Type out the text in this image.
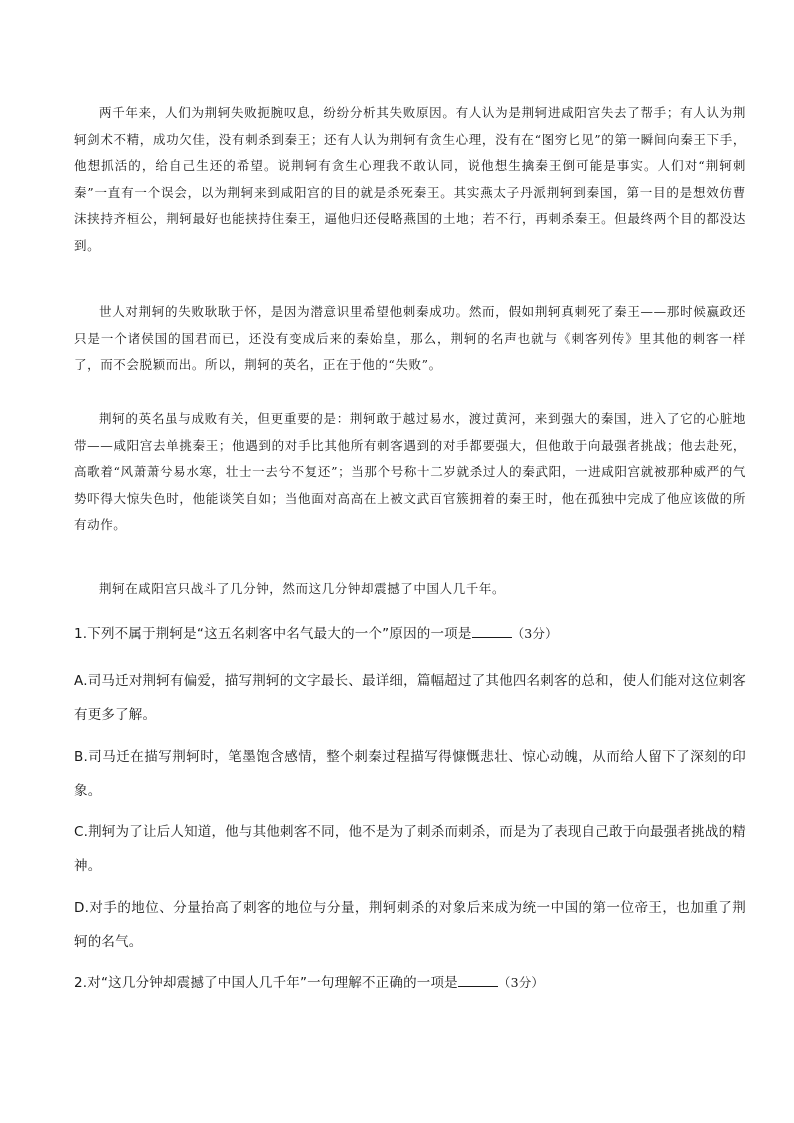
两千年来，人们为荆轲失败扼腕叹息，纷纷分析其失败原因。有人认为是荆轲进咸阳宫失去了帮手；有人认为荆轲剑术不精，成功欠佳，没有刺杀到秦王；还有人认为荆轲有贪生心理，没有在“图穷匕见”的第一瞬间向秦王下手，他想抓活的，给自己生还的希望。说荆轲有贪生心理我不敢认同，说他想生擒秦王倒可能是事实。人们对“荆轲刺秦”一直有一个误会，以为荆轲来到咸阳宫的目的就是杀死秦王。其实燕太子丹派荆轲到秦国，第一目的是想效仿曹沫挟持齐桓公，荆轲最好也能挟持住秦王，逼他归还侵略燕国的土地；若不行，再刺杀秦王。但最终两个目的都没达到。

世人对荆轲的失败耿耿于怀，是因为潜意识里希望他刺秦成功。然而，假如荆轲真刺死了秦王——那时候嬴政还只是一个诸侯国的国君而已，还没有变成后来的秦始皇，那么，荆轲的名声也就与《刺客列传》里其他的刺客一样了，而不会脱颖而出。所以，荆轲的英名，正在于他的“失败”。

荆轲的英名虽与成败有关，但更重要的是：荆轲敢于越过易水，渡过黄河，来到强大的秦国，进入了它的心脏地带——咸阳宫去单挑秦王；他遇到的对手比其他所有刺客遇到的对手都要强大，但他敢于向最强者挑战；他去赴死，高歌着“风萧萧兮易水寒，壮士一去兮不复还”；当那个号称十二岁就杀过人的秦武阳，一进咸阳宫就被那种威严的气势吓得大惊失色时，他能谈笑自如；当他面对高高在上被文武百官簇拥着的秦王时，他在孤独中完成了他应该做的所有动作。

荆轲在咸阳宫只战斗了几分钟，然而这几分钟却震撼了中国人几千年。

1.下列不属于荆轲是“这五名刺客中名气最大的一个”原因的一项是	（3分）

A.司马迁对荆轲有偏爱，描写荆轲的文字最长、最详细，篇幅超过了其他四名刺客的总和，使人们能对这位刺客有更多了解。

B.司马迁在描写荆轲时，笔墨饱含感情，整个刺秦过程描写得慷慨悲壮、惊心动魄，从而给人留下了深刻的印象。

C.荆轲为了让后人知道，他与其他刺客不同，他不是为了刺杀而刺杀，而是为了表现自己敢于向最强者挑战的精神。

D.对手的地位、分量抬高了刺客的地位与分量，荆轲刺杀的对象后来成为统一中国的第一位帝王，也加重了荆轲的名气。

2.对“这几分钟却震撼了中国人几千年”一句理解不正确的一项是	（3分）
